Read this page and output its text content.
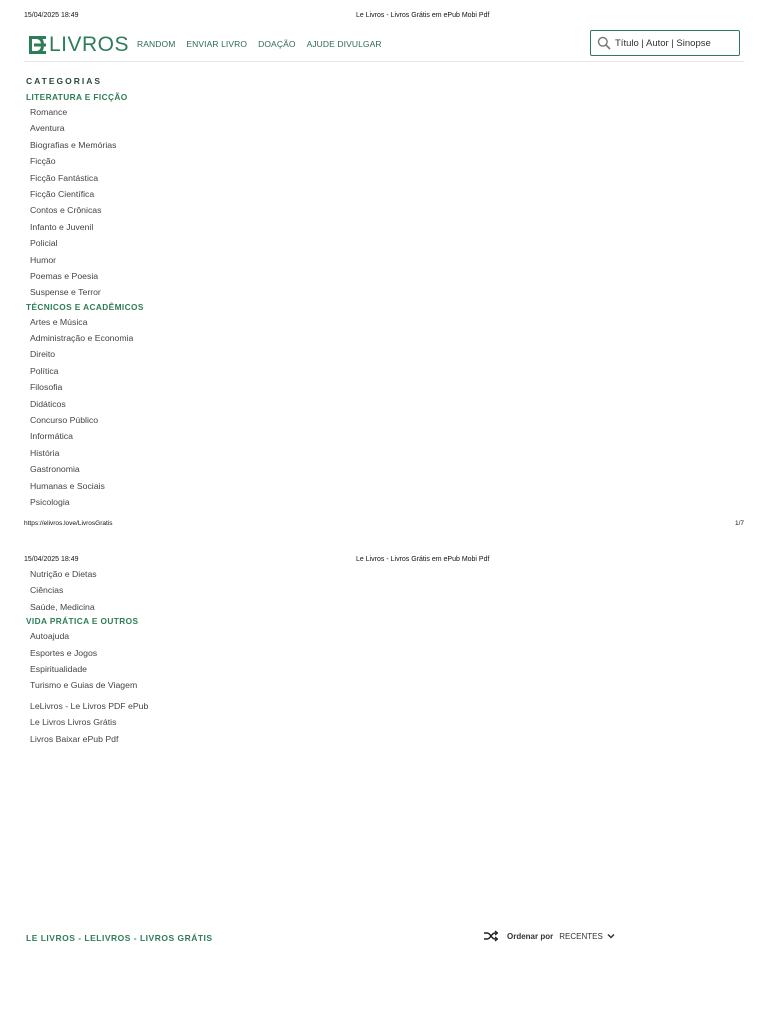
15/04/2025 18:49	Le Livros - Livros Grátis em ePub Mobi Pdf
LIVROS RANDOM ENVIAR LIVRO DOAÇÃO AJUDE DIVULGAR
Título | Autor | Sinopse
CATEGORIAS
LITERATURA E FICÇÃO
Romance
Aventura
Biografias e Memórias
Ficção
Ficção Fantástica
Ficção Científica
Contos e Crônicas
Infanto e Juvenil
Policial
Humor
Poemas e Poesia
Suspense e Terror
TÉCNICOS E ACADÊMICOS
Artes e Música
Administração e Economia
Direito
Política
Filosofia
Didáticos
Concurso Público
Informática
História
Gastronomia
Humanas e Sociais
Psicologia
https://elivros.love/LivrosGratis	1/7
15/04/2025 18:49	Le Livros - Livros Grátis em ePub Mobi Pdf
Nutrição e Dietas
Ciências
Saúde, Medicina
VIDA PRÁTICA E OUTROS
Autoajuda
Esportes e Jogos
Espiritualidade
Turismo e Guias de Viagem
LeLivros - Le Livros PDF ePub
Le Livros Livros Grátis
Livros Baixar ePub Pdf
LE LIVROS - LELIVROS - LIVROS GRÁTIS	Ordenar por RECENTES
